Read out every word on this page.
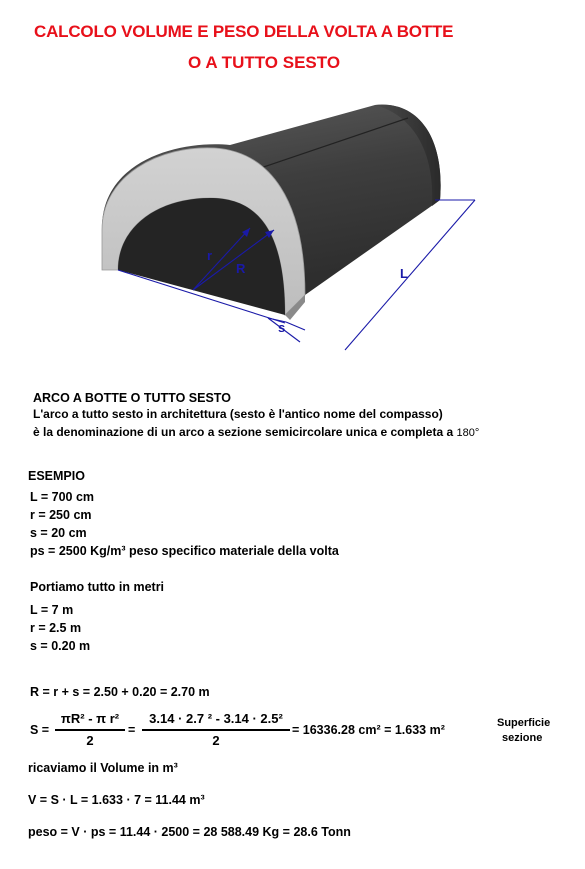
CALCOLO VOLUME E PESO DELLA VOLTA A BOTTE
O A TUTTO SESTO
r
R	L
s
ARCO A BOTTE O TUTTO SESTO
L'arco a tutto sesto in architettura (sesto è l'antico nome del compasso)
è la denominazione di un arco a sezione semicircolare unica e completa a 180°
ESEMPIO
L = 700 cm
r = 250 cm
s = 20 cm
ps = 2500 Kg/m³ peso specifico materiale della volta
Portiamo tutto in metri
L = 7 m
r = 2.5 m
s = 0.20 m
R = r + s = 2.50 + 0.20 = 2.70 m
S =
πR² - π r²
2
=
3.14 · 2.7 ² - 3.14 · 2.5²
2
= 16336.28 cm² = 1.633 m²	Superficie
sezione
ricaviamo il Volume in m³
V = S · L = 1.633 · 7 = 11.44 m³
peso = V · ps = 11.44 · 2500 = 28 588.49 Kg = 28.6 Tonn
